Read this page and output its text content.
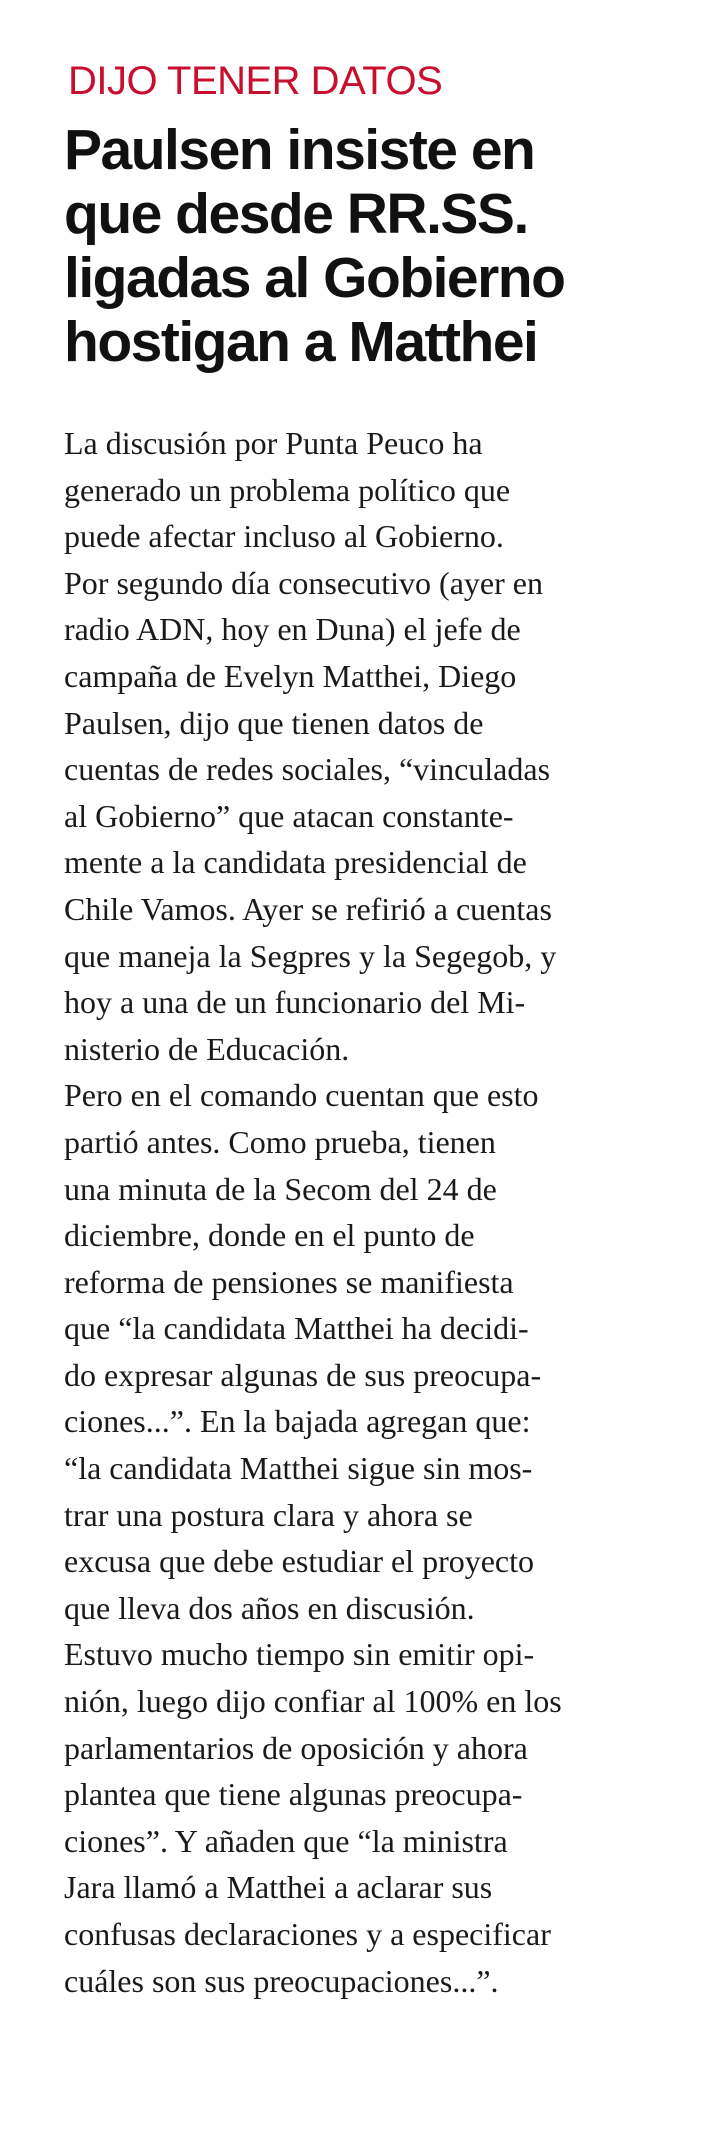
DIJO TENER DATOS
Paulsen insiste en
que desde RR.SS.
ligadas al Gobierno
hostigan a Matthei

La discusión por Punta Peuco ha
generado un problema político que
puede afectar incluso al Gobierno.
Por segundo día consecutivo (ayer en
radio ADN, hoy en Duna) el jefe de
campaña de Evelyn Matthei, Diego
Paulsen, dijo que tienen datos de
cuentas de redes sociales, “vinculadas
al Gobierno” que atacan constante-
mente a la candidata presidencial de
Chile Vamos. Ayer se refirió a cuentas
que maneja la Segpres y la Segegob, y
hoy a una de un funcionario del Mi-
nisterio de Educación.

Pero en el comando cuentan que esto
partió antes. Como prueba, tienen
una minuta de la Secom del 24 de
diciembre, donde en el punto de
reforma de pensiones se manifiesta
que “la candidata Matthei ha decidi-
do expresar algunas de sus preocupa-
ciones...”. En la bajada agregan que:
“la candidata Matthei sigue sin mos-
trar una postura clara y ahora se
excusa que debe estudiar el proyecto
que lleva dos años en discusión.
Estuvo mucho tiempo sin emitir opi-
nión, luego dijo confiar al 100% en los
parlamentarios de oposición y ahora
plantea que tiene algunas preocupa-
ciones”. Y añaden que “la ministra
Jara llamó a Matthei a aclarar sus
confusas declaraciones y a especificar
cuáles son sus preocupaciones...”.
